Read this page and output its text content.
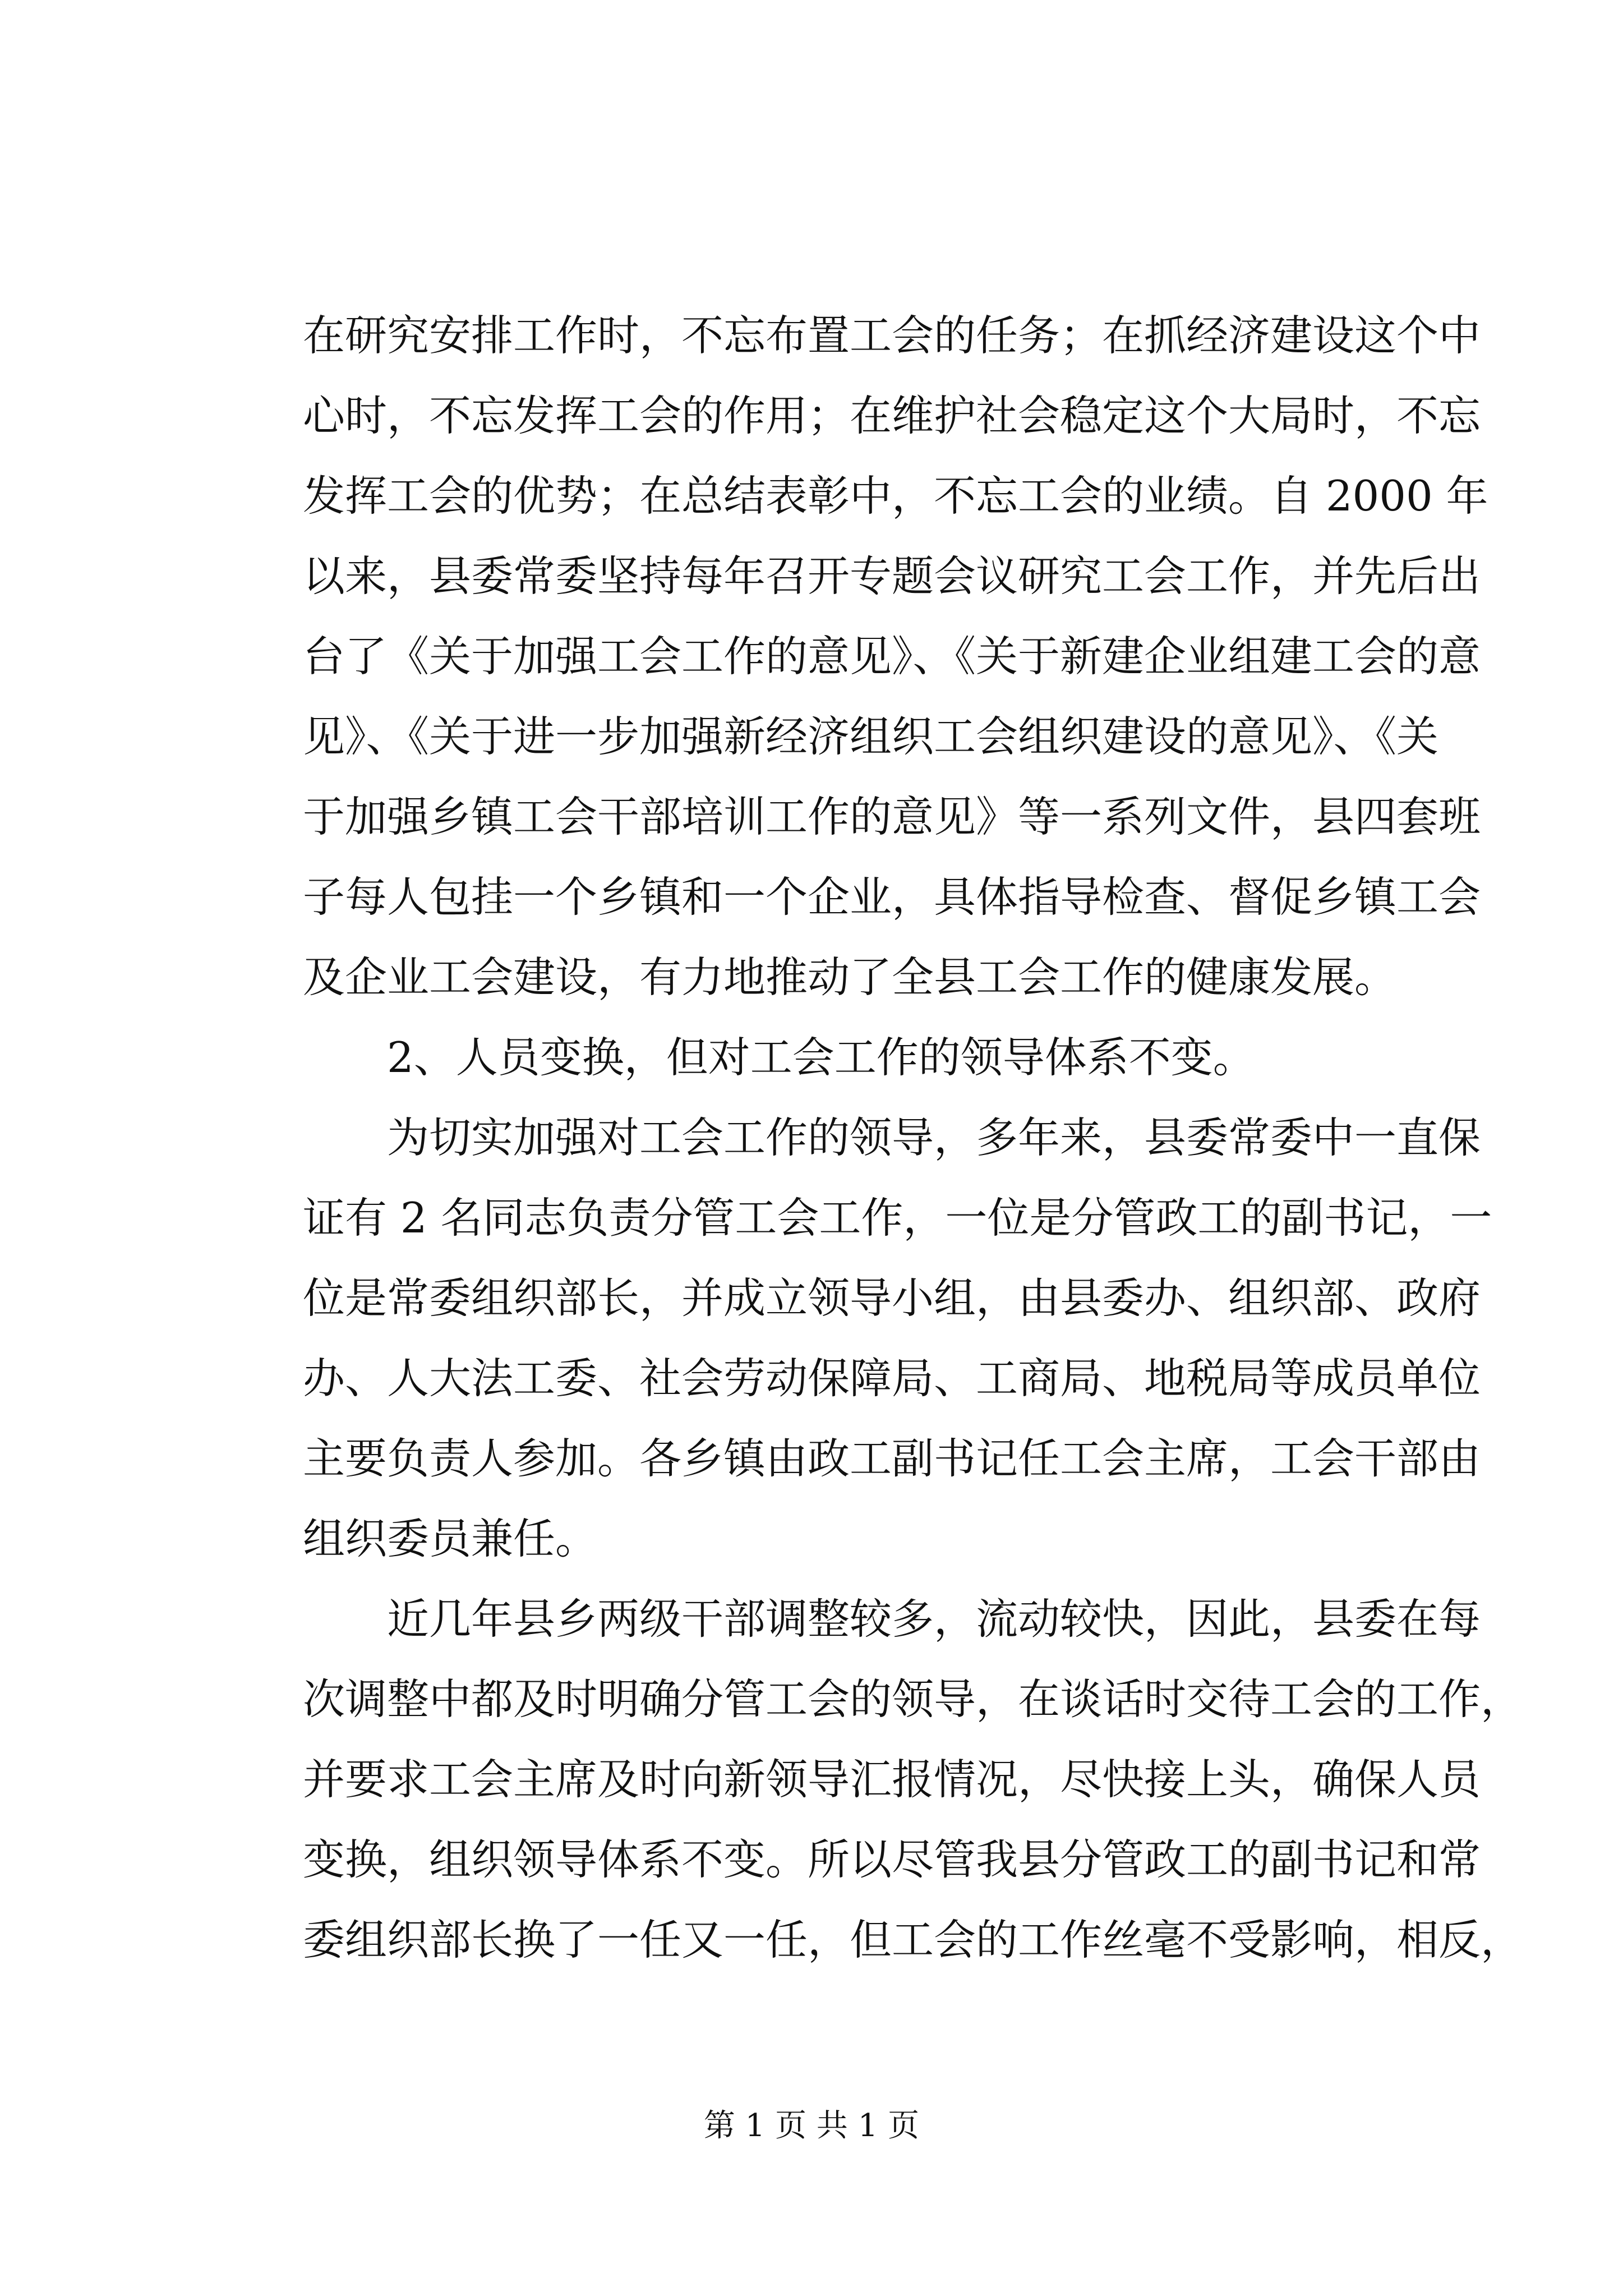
在研究安排工作时，不忘布置工会的任务；在抓经济建设这个中
心时，不忘发挥工会的作用；在维护社会稳定这个大局时，不忘
发挥工会的优势；在总结表彰中，不忘工会的业绩。自 2000 年
以来，县委常委坚持每年召开专题会议研究工会工作，并先后出
台了《关于加强工会工作的意见》、《关于新建企业组建工会的意
见》、《关于进一步加强新经济组织工会组织建设的意见》、《关
于加强乡镇工会干部培训工作的意见》等一系列文件，县四套班
子每人包挂一个乡镇和一个企业，具体指导检查、督促乡镇工会
及企业工会建设，有力地推动了全县工会工作的健康发展。
2、人员变换，但对工会工作的领导体系不变。
为切实加强对工会工作的领导，多年来，县委常委中一直保
证有 2 名同志负责分管工会工作，一位是分管政工的副书记，一
位是常委组织部长，并成立领导小组，由县委办、组织部、政府
办、人大法工委、社会劳动保障局、工商局、地税局等成员单位
主要负责人参加。各乡镇由政工副书记任工会主席，工会干部由
组织委员兼任。
近几年县乡两级干部调整较多，流动较快，因此，县委在每
次调整中都及时明确分管工会的领导，在谈话时交待工会的工作，
并要求工会主席及时向新领导汇报情况，尽快接上头，确保人员
变换，组织领导体系不变。所以尽管我县分管政工的副书记和常
委组织部长换了一任又一任，但工会的工作丝毫不受影响，相反，
第 1 页 共 1 页
